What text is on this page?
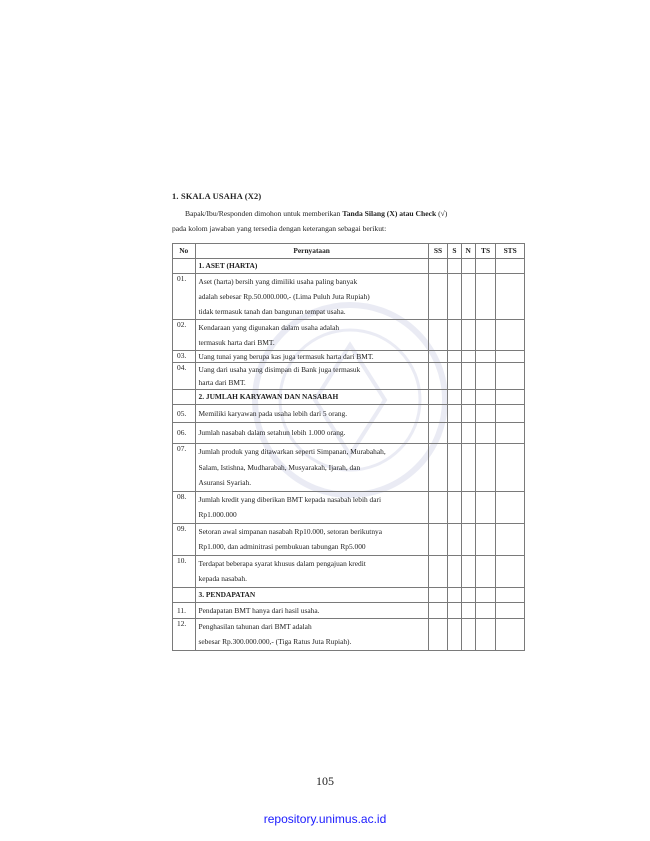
1. SKALA USAHA (X2)
Bapak/Ibu/Responden dimohon untuk memberikan Tanda Silang (X) atau Check (√)
pada kolom jawaban yang tersedia dengan keterangan sebagai berikut:
No	Pernyataan	SS	S	N	TS	STS
	1. ASET (HARTA)					
01.	Aset (harta) bersih yang dimiliki usaha paling banyak
adalah sebesar Rp.50.000.000,- (Lima Puluh Juta Rupiah)
tidak termasuk tanah dan bangunan tempat usaha.					

02.	Kendaraan yang digunakan dalam usaha adalah
termasuk harta dari BMT.					

03.	Uang tunai yang berupa kas juga termasuk harta dari BMT.					

04.	Uang dari usaha yang disimpan di Bank juga termasuk
harta dari BMT.					

	2. JUMLAH KARYAWAN DAN NASABAH					
05.	Memiliki karyawan pada usaha lebih dari 5 orang.					

06.	Jumlah nasabah dalam setahun lebih 1.000 orang.					

07.	Jumlah produk yang ditawarkan seperti Simpanan, Murabahah,
Salam, Istishna, Mudharabah, Musyarakah, Ijarah, dan
Asuransi Syariah.					

08.	Jumlah kredit yang diberikan BMT kepada nasabah lebih dari
Rp1.000.000					

09.	Setoran awal simpanan nasabah Rp10.000, setoran berikutnya
Rp1.000, dan adminitrasi pembukuan tabungan Rp5.000					

10.	Terdapat beberapa syarat khusus dalam pengajuan kredit
kepada nasabah.					

	3. PENDAPATAN					
11.	Pendapatan BMT hanya dari hasil usaha.					

12.	Penghasilan tahunan dari BMT adalah
sebesar Rp.300.000.000,- (Tiga Ratus Juta Rupiah).					

105
repository.unimus.ac.id
